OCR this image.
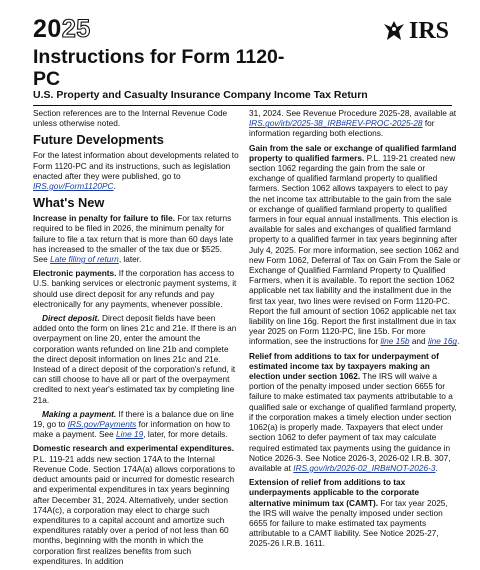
2025
Instructions for Form 1120-PC
IRS
U.S. Property and Casualty Insurance Company Income Tax Return

Section references are to the Internal Revenue Code unless otherwise noted.

Future Developments

For the latest information about developments related to Form 1120-PC and its instructions, such as legislation enacted after they were published, go to IRS.gov/Form1120PC.

What's New

Increase in penalty for failure to file. For tax returns required to be filed in 2026, the minimum penalty for failure to file a tax return that is more than 60 days late has increased to the smaller of the tax due or $525. See Late filing of return, later.

Electronic payments. If the corporation has access to U.S. banking services or electronic payment systems, it should use direct deposit for any refunds and pay electronically for any payments, whenever possible.

Direct deposit. Direct deposit fields have been added onto the form on lines 21c and 21e. If there is an overpayment on line 20, enter the amount the corporation wants refunded on line 21b and complete the direct deposit information on lines 21c and 21e. Instead of a direct deposit of the corporation's refund, it can still choose to have all or part of the overpayment credited to next year's estimated tax by completing line 21a.

Making a payment. If there is a balance due on line 19, go to IRS.gov/Payments for information on how to make a payment. See Line 19, later, for more details.

Domestic research and experimental expenditures. P.L. 119-21 adds new section 174A to the Internal Revenue Code. Section 174A(a) allows corporations to deduct amounts paid or incurred for domestic research and experimental expenditures in tax years beginning after December 31, 2024. Alternatively, under section 174A(c), a corporation may elect to charge such expenditures to a capital account and amortize such expenditures ratably over a period of not less than 60 months, beginning with the month in which the corporation first realizes benefits from such expenditures. In addition

31, 2024. See Revenue Procedure 2025-28, available at IRS.gov/irb/2025-38_IRB#REV-PROC-2025-28 for information regarding both elections.

Gain from the sale or exchange of qualified farmland property to qualified farmers. P.L. 119-21 created new section 1062 regarding the gain from the sale or exchange of qualified farmland property to qualified farmers. Section 1062 allows taxpayers to elect to pay the net income tax attributable to the gain from the sale or exchange of qualified farmland property to qualified farmers in four equal annual installments. This election is available for sales and exchanges of qualified farmland property to a qualified farmer in tax years beginning after July 4, 2025. For more information, see section 1062 and new Form 1062, Deferral of Tax on Gain From the Sale or Exchange of Qualified Farmland Property to Qualified Farmers, when it is available. To report the section 1062 applicable net tax liability and the installment due in the first tax year, two lines were revised on Form 1120-PC. Report the full amount of section 1062 applicable net tax liability on line 16g. Report the first installment due in tax year 2025 on Form 1120-PC, line 15b. For more information, see the instructions for line 15b and line 16g.

Relief from additions to tax for underpayment of estimated income tax by taxpayers making an election under section 1062. The IRS will waive a portion of the penalty imposed under section 6655 for failure to make estimated tax payments attributable to a qualified sale or exchange of qualified farmland property, if the corporation makes a timely election under section 1062(a) is properly made. Taxpayers that elect under section 1062 to defer payment of tax may calculate required estimated tax payments using the guidance in Notice 2026-3. See Notice 2026-3, 2026-02 I.R.B. 307, available at IRS.gov/irb/2026-02_IRB#NOT-2026-3.

Extension of relief from additions to tax underpayments applicable to the corporate alternative minimum tax (CAMT). For tax year 2025, the IRS will waive the penalty imposed under section 6655 for failure to make estimated tax payments attributable to a CAMT liability. See Notice 2025-27, 2025-26 I.R.B. 1611.
